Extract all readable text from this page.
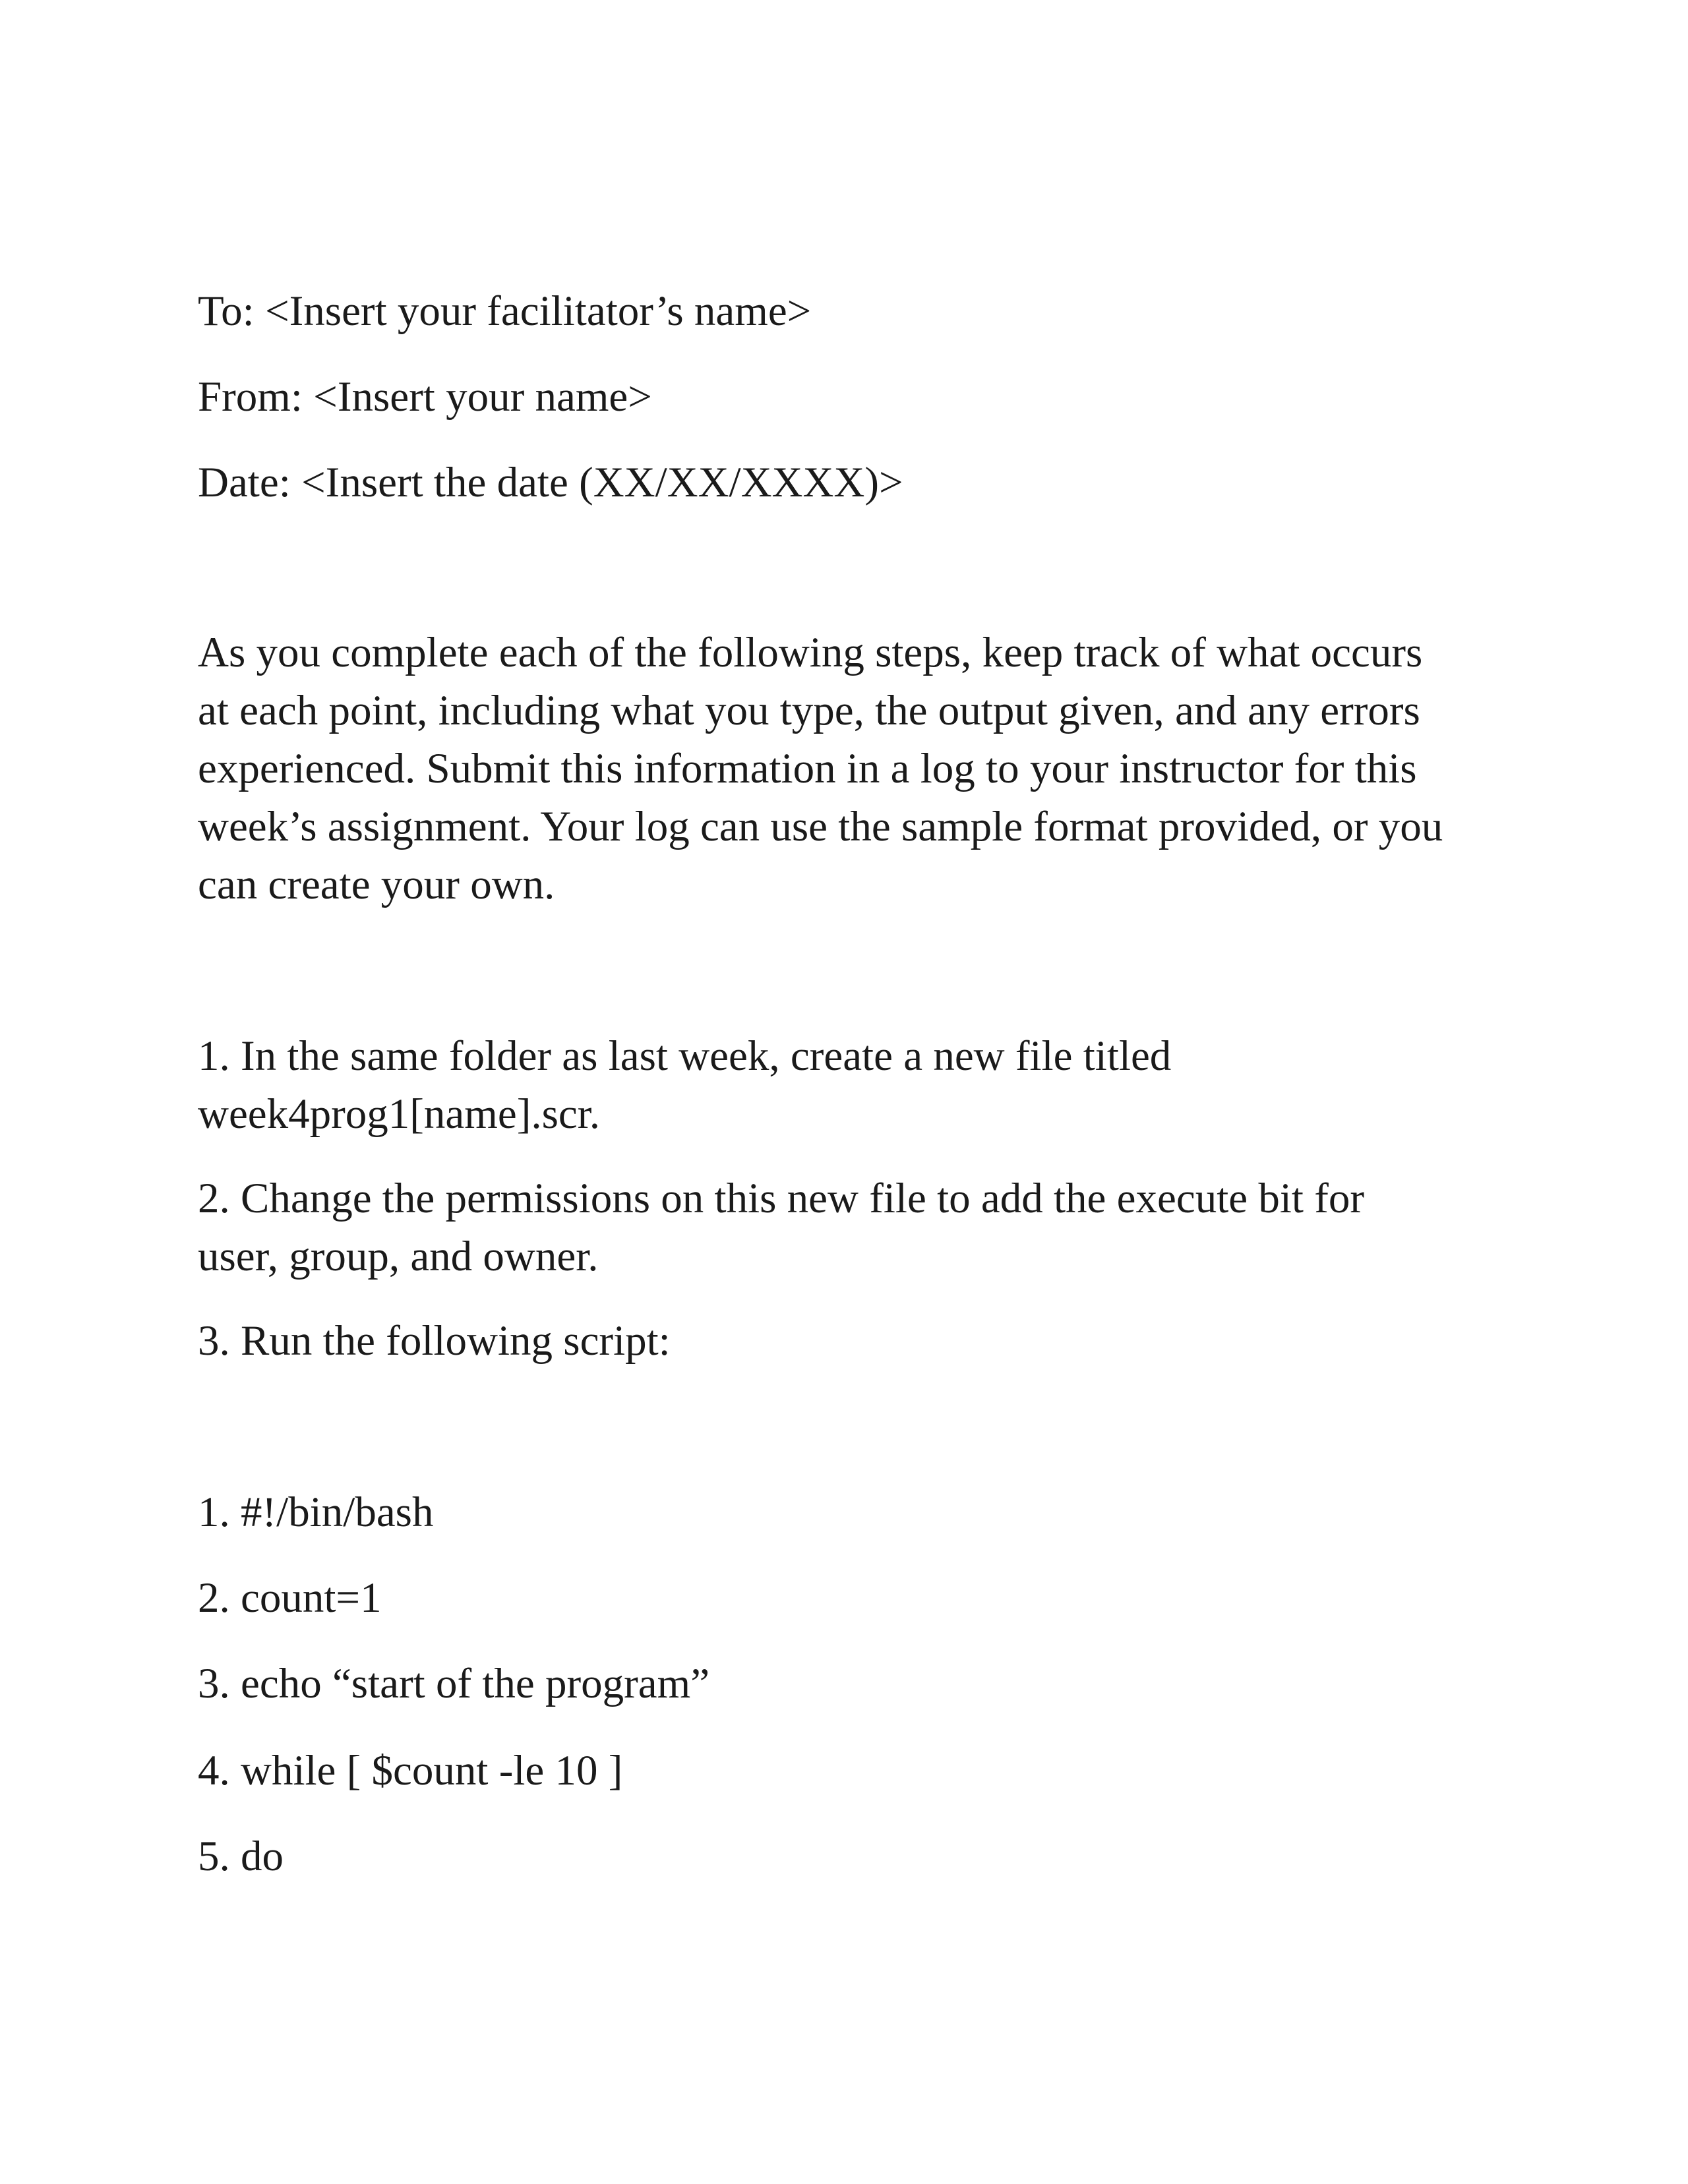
To: <Insert your facilitator’s name>

From: <Insert your name>

Date: <Insert the date (XX/XX/XXXX)>

As you complete each of the following steps, keep track of what occurs

at each point, including what you type, the output given, and any errors

experienced. Submit this information in a log to your instructor for this

week’s assignment. Your log can use the sample format provided, or you

can create your own.

1. In the same folder as last week, create a new file titled

week4prog1[name].scr.

2. Change the permissions on this new file to add the execute bit for

user, group, and owner.

3. Run the following script:

1. #!/bin/bash

2. count=1

3. echo “start of the program”

4. while [ $count -le 10 ]

5. do
